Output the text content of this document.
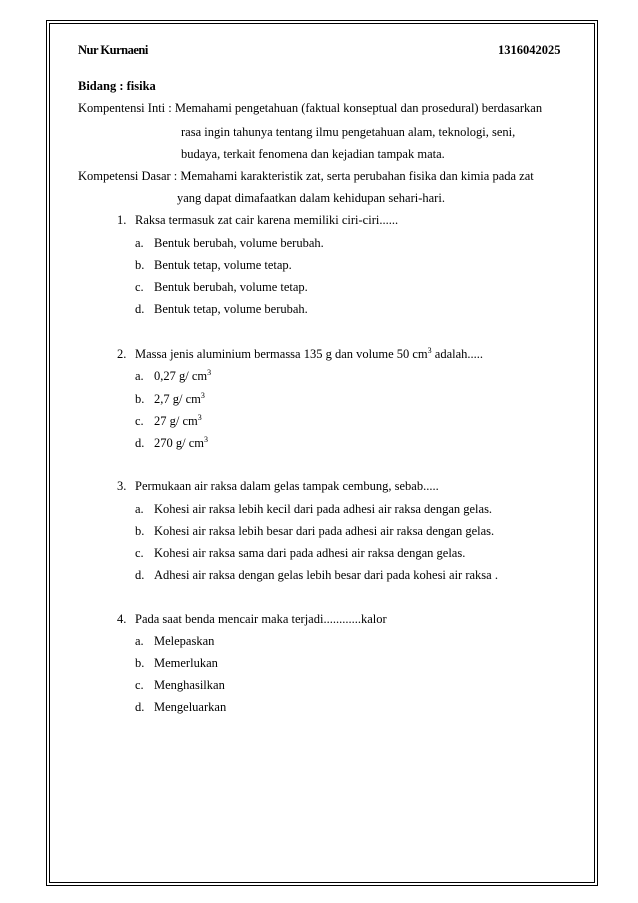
Nur Kurnaeni	1316042025
Bidang : fisika
Kompentensi Inti : Memahami pengetahuan (faktual konseptual dan prosedural) berdasarkan
rasa ingin tahunya tentang ilmu pengetahuan alam, teknologi, seni,
budaya, terkait fenomena dan kejadian tampak mata.
Kompetensi Dasar : Memahami karakteristik zat, serta perubahan fisika dan kimia pada zat
yang dapat dimafaatkan dalam kehidupan sehari-hari.
1. Raksa termasuk zat cair karena memiliki ciri-ciri......
a. Bentuk berubah, volume berubah.
b. Bentuk tetap, volume tetap.
c. Bentuk berubah, volume tetap.
d. Bentuk tetap, volume berubah.
2. Massa jenis aluminium bermassa 135 g dan volume 50 $cm^3$ adalah.....
a. 0,27 g/ $cm^3$
b. 2,7 g/ $cm^3$
c. 27 g/ $cm^3$
d. 270 g/ $cm^3$
3. Permukaan air raksa dalam gelas tampak cembung, sebab.....
a. Kohesi air raksa lebih kecil dari pada adhesi air raksa dengan gelas.
b. Kohesi air raksa lebih besar dari pada adhesi air raksa dengan gelas.
c. Kohesi air raksa sama dari pada adhesi air raksa dengan gelas.
d. Adhesi air raksa dengan gelas lebih besar dari pada kohesi air raksa .
4. Pada saat benda mencair maka terjadi............kalor
a. Melepaskan
b. Memerlukan
c. Menghasilkan
d. Mengeluarkan
